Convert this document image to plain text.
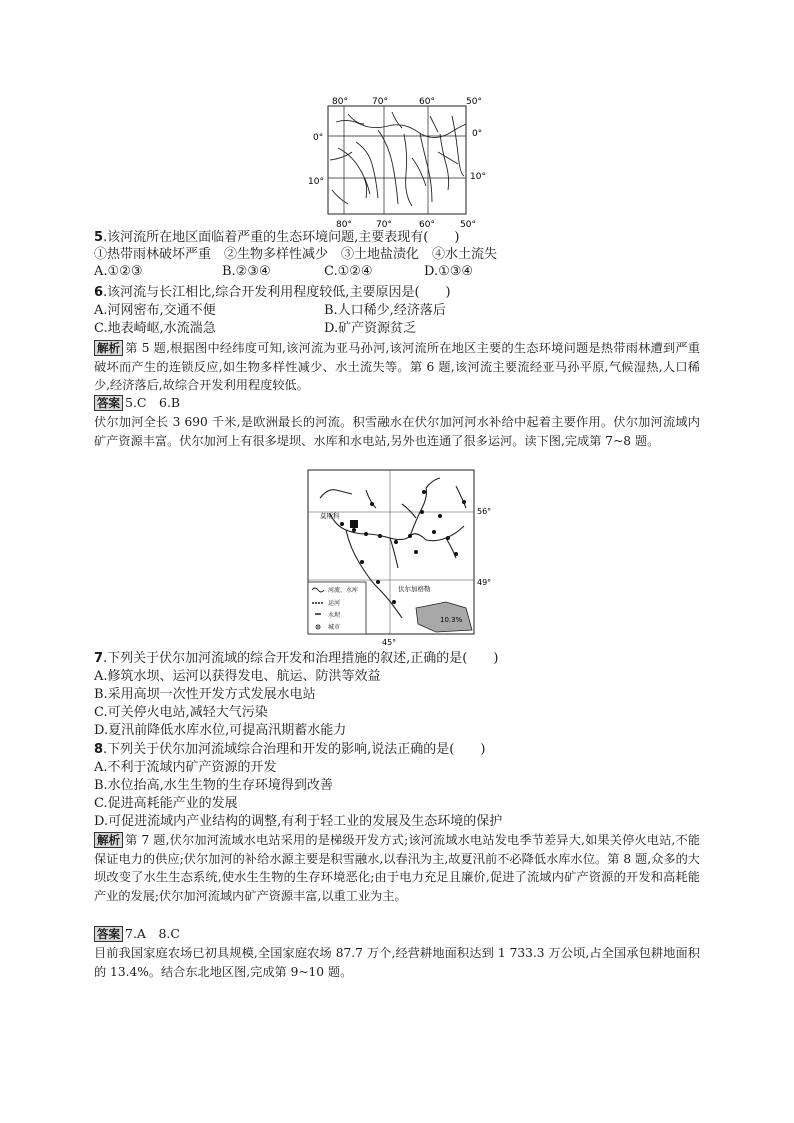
80°	70°	60°	50°
80°	70°	60°	50°
0°
10°
0°
10°
5.该河流所在地区面临着严重的生态环境问题,主要表现有(　　)
①热带雨林破坏严重　②生物多样性减少　③土地盐渍化　④水土流失
A.①②③	B.②③④	C.①②④	D.①③④
6.该河流与长江相比,综合开发利用程度较低,主要原因是(　　)
A.河网密布,交通不便	B.人口稀少,经济落后
C.地表崎岖,水流湍急	D.矿产资源贫乏
解析 第 5 题,根据图中经纬度可知,该河流为亚马孙河,该河流所在地区主要的生态环境问题是热带雨林遭到严重破坏而产生的连锁反应,如生物多样性减少、水土流失等。第 6 题,该河流主要流经亚马孙平原,气候湿热,人口稀少,经济落后,故综合开发利用程度较低。
答案 5.C　6.B
伏尔加河全长 3 690 千米,是欧洲最长的河流。积雪融水在伏尔加河河水补给中起着主要作用。伏尔加河流域内矿产资源丰富。伏尔加河上有很多堤坝、水库和水电站,另外也连通了很多运河。读下图,完成第 7~8 题。
56°
49°
45°
10.3%
莫斯科
伏尔加格勒
河流、水库
运河
水坝
城市
7.下列关于伏尔加河流域的综合开发和治理措施的叙述,正确的是(　　)
A.修筑水坝、运河以获得发电、航运、防洪等效益
B.采用高坝一次性开发方式发展水电站
C.可关停火电站,减轻大气污染
D.夏汛前降低水库水位,可提高汛期蓄水能力
8.下列关于伏尔加河流域综合治理和开发的影响,说法正确的是(　　)
A.不利于流域内矿产资源的开发
B.水位抬高,水生生物的生存环境得到改善
C.促进高耗能产业的发展
D.可促进流域内产业结构的调整,有利于轻工业的发展及生态环境的保护
解析 第 7 题,伏尔加河流域水电站采用的是梯级开发方式;该河流域水电站发电季节差异大,如果关停火电站,不能保证电力的供应;伏尔加河的补给水源主要是积雪融水,以春汛为主,故夏汛前不必降低水库水位。第 8 题,众多的大坝改变了水生生态系统,使水生生物的生存环境恶化;由于电力充足且廉价,促进了流域内矿产资源的开发和高耗能产业的发展;伏尔加河流域内矿产资源丰富,以重工业为主。
答案 7.A　8.C
目前我国家庭农场已初具规模,全国家庭农场 87.7 万个,经营耕地面积达到 1 733.3 万公顷,占全国承包耕地面积的 13.4%。结合东北地区图,完成第 9~10 题。
